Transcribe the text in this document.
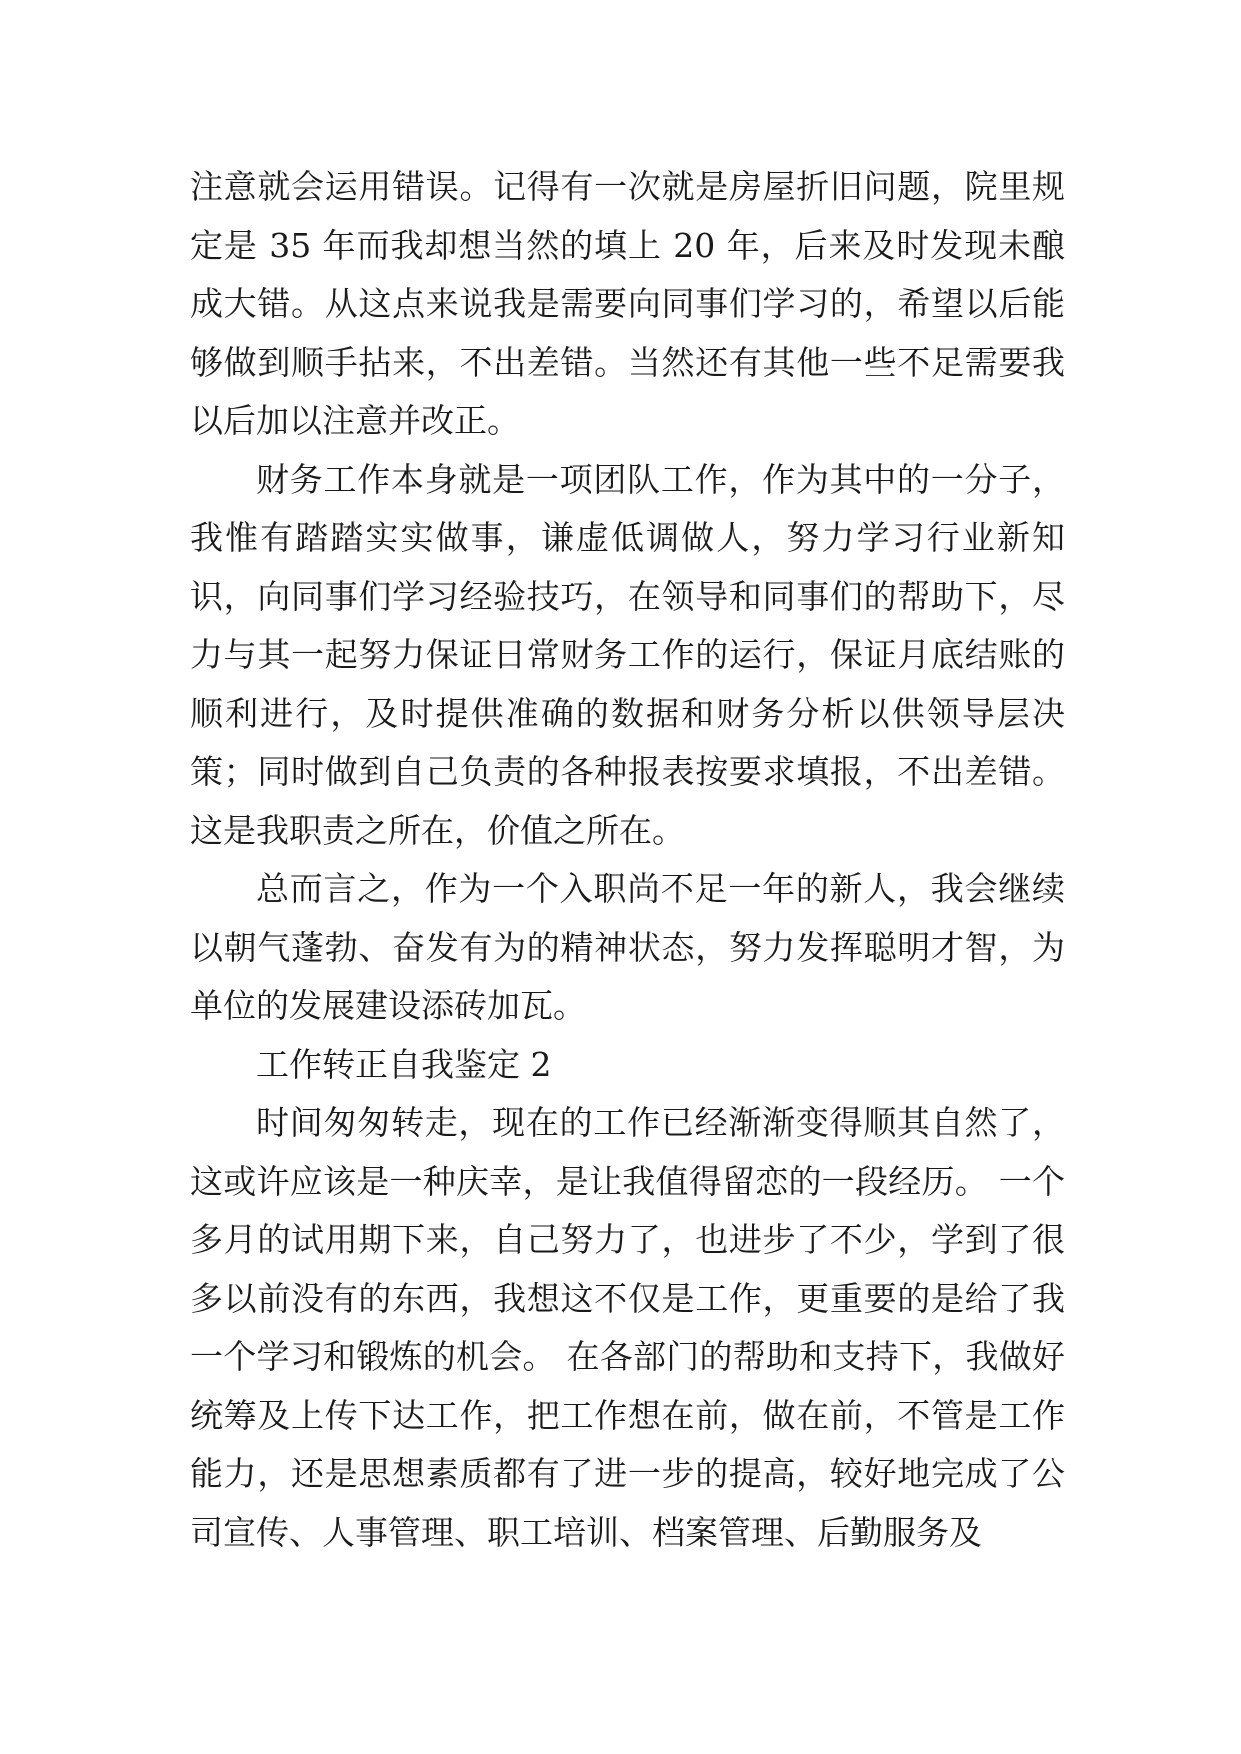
注意就会运用错误。记得有一次就是房屋折旧问题，院里规定是 35 年而我却想当然的填上 20 年，后来及时发现未酿成大错。从这点来说我是需要向同事们学习的，希望以后能够做到顺手拈来，不出差错。当然还有其他一些不足需要我以后加以注意并改正。

财务工作本身就是一项团队工作，作为其中的一分子，我惟有踏踏实实做事，谦虚低调做人，努力学习行业新知识，向同事们学习经验技巧，在领导和同事们的帮助下，尽力与其一起努力保证日常财务工作的运行，保证月底结账的顺利进行，及时提供准确的数据和财务分析以供领导层决策；同时做到自己负责的各种报表按要求填报，不出差错。这是我职责之所在，价值之所在。

总而言之，作为一个入职尚不足一年的新人，我会继续以朝气蓬勃、奋发有为的精神状态，努力发挥聪明才智，为单位的发展建设添砖加瓦。

工作转正自我鉴定 2

时间匆匆转走，现在的工作已经渐渐变得顺其自然了，这或许应该是一种庆幸，是让我值得留恋的一段经历。 一个多月的试用期下来，自己努力了，也进步了不少，学到了很多以前没有的东西，我想这不仅是工作，更重要的是给了我一个学习和锻炼的机会。 在各部门的帮助和支持下，我做好统筹及上传下达工作，把工作想在前，做在前，不管是工作能力，还是思想素质都有了进一步的提高，较好地完成了公司宣传、人事管理、职工培训、档案管理、后勤服务及
